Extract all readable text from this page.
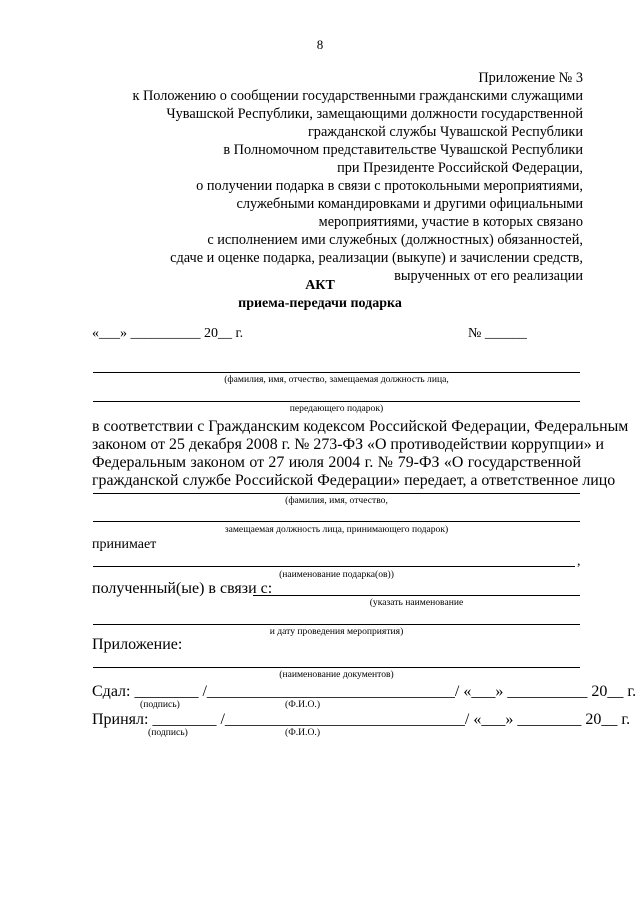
8
Приложение № 3
к Положению о сообщении государственными гражданскими служащими
Чувашской Республики, замещающими должности государственной
гражданской службы Чувашской Республики
в Полномочном представительстве Чувашской Республики
при Президенте Российской Федерации,
о получении подарка в связи с протокольными мероприятиями,
служебными командировками и другими официальными
мероприятиями, участие в которых связано
с исполнением ими служебных (должностных) обязанностей,
сдаче и оценке подарка, реализации (выкупе) и зачислении средств,
вырученных от его реализации
АКТ
приема-передачи подарка
«___» __________ 20__ г.	№ ______
(фамилия, имя, отчество, замещаемая должность лица,
передающего подарок)
в соответствии с Гражданским кодексом Российской Федерации, Федеральным
законом от 25 декабря 2008 г. № 273-ФЗ «О противодействии коррупции» и
Федеральным законом от 27 июля 2004 г. № 79-ФЗ «О государственной
гражданской службе Российской Федерации» передает, а ответственное лицо
(фамилия, имя, отчество,
замещаемая должность лица, принимающего подарок)
принимает
,
(наименование подарка(ов))
полученный(ые) в связи с:
(указать наименование
и дату проведения мероприятия)
Приложение:
(наименование документов)
Сдал: ________ /_______________________________/ «___» __________ 20__ г.
(подпись)	(Ф.И.О.)
Принял: ________ /______________________________/ «___» ________ 20__ г.
(подпись)	(Ф.И.О.)
